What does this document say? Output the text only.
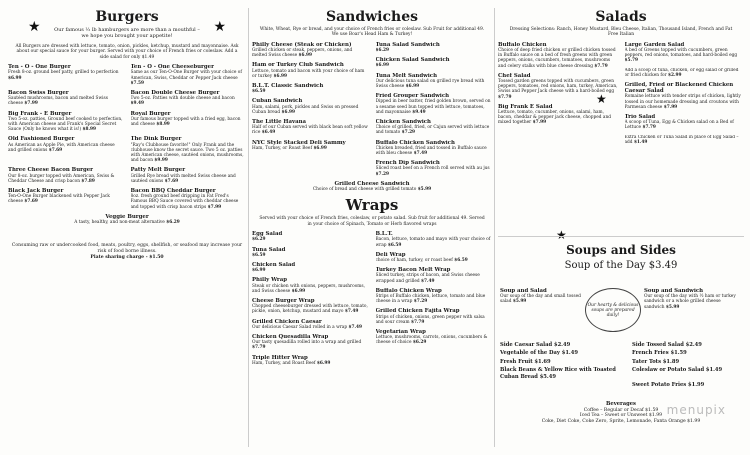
★	★
Burgers
Our famous ⅓ lb hamburgers are more than a mouthful – we hope you brought your appetite!
All Burgers are dressed with lettuce, tomato, onion, pickles, ketchup, mustard and mayonnaise. Ask about our special sauce for your burger. Served with your choice of French fries or coleslaw. Add a side salad for only $1.49
Ten - O - One Burger
Fresh 8-oz. ground beef patty, grilled to perfection $6.99
Ten - O - One Cheeseburger
Same as our Ten-O-One Burger with your choice of American, Swiss, Cheddar or Pepper Jack cheese $7.59
Bacon Swiss Burger
Sautéed mushrooms, bacon and melted Swiss cheese $7.99
Bacon Double Cheese Burger
Two 5-oz. Patties with double cheese and bacon $9.49
Big Frank - E Burger
Two 5-oz. patties, Ground beef cooked to perfection, with American cheese and Frank's Special Secret Sauce (Only he knows what it is!) $8.99
Royal Burger
Our famous burger topped with a fried egg, bacon and cheese $8.99
Old Fashioned Burger
As American as Apple Pie, with American cheese and grilled onions $7.69
The Dink Burger
"Ray's Clubhouse favorite!" Only Frank and the clubhouse know the secret sauce. Two 5 oz. patties with American cheese, sautéed onions, mushrooms, and bacon $9.99
Three Cheese Bacon Burger
Our 8-oz. burger topped with American, Swiss & Cheddar Cheese and crisp bacon $7.89
Patty Melt Burger
Grilled Rye bread with melted Swiss cheese and sautéed onions $7.69
Black Jack Burger
Ten-O-One Burger blackened with Pepper Jack cheese $7.69
Bacon BBQ Cheddar Burger
8oz. fresh ground beef dripping in Fat Fred's Famous BBQ Sauce covered with cheddar cheese and topped with crisp bacon strips $7.99
Veggie Burger
A tasty, healthy, and non-meat alternative $6.29
Consuming raw or undercooked food, meats, poultry, eggs, shellfish, or seafood may increase your risk of food borne illness.
Plate sharing charge - $1.50
Sandwiches
White, Wheat, Rye or bread, and your choice of French fries or coleslaw. Sub Fruit for additional 49. We use Boar's Head Ham & Turkey!
Philly Cheese (Steak or Chicken)
Grilled chicken or steak, peppers, onions, and melted Swiss cheese $6.99
Ham or Turkey Club Sandwich
Lettuce, tomato and bacon with your choice of ham or turkey $6.99
B.L.T. Classic Sandwich
$6.59
Cuban Sandwich
Ham, salami, pork, pickles and Swiss on pressed Cuban bread $6.99
The Little Havana
Half of our Cuban served with black bean soft yellow rice $6.49
NYC Style Stacked Deli Sammy
Ham, Turkey, or Roast Beef $6.99
Tuna Salad Sandwich
$6.29
Chicken Salad Sandwich
$6.99
Tuna Melt Sandwich
Our delicious tuna salad on grilled rye bread with Swiss cheese $6.99
Fried Grouper Sandwich
Dipped in beer batter, fried golden brown, served on a sesame seed bun topped with lettuce, tomatoes, and mayonnaise $9.49
Chicken Sandwich
Choice of grilled, fried, or Cajun served with lettuce and tomato $7.29
Buffalo Chicken Sandwich
Chicken breaded, fried and tossed in Buffalo sauce with bleu cheese $7.49
French Dip Sandwich
Sliced roast beef on a French roll served with au jus $7.29
Grilled Cheese Sandwich
Choice of bread and cheese with grilled tomato $5.99
Wraps
Served with your choice of French fries, coleslaw, or potato salad. Sub fruit for additional 49. Served in your choice of Spinach, Tomato or Herb flavored wraps
Egg Salad
$6.29
Tuna Salad
$6.59
Chicken Salad
$6.99
Philly Wrap
Steak or chicken with onions, peppers, mushrooms, and Swiss cheese $6.99
Cheese Burger Wrap
Chopped cheeseburger dressed with lettuce, tomato, pickle, onion, ketchup, mustard and mayo $7.49
Grilled Chicken Caesar
Our delicious Caesar Salad rolled in a wrap $7.49
Chicken Quesadilla Wrap
Our tasty quesadilla rolled into a wrap and grilled $7.79
Triple Hitter Wrap
Ham, Turkey, and Roast Beef $6.99
B.L.T.
Bacon, lettuce, tomato and mayo with your choice of wrap $6.59
Deli Wrap
choice of ham, turkey, or roast beef $6.59
Turkey Bacon Melt Wrap
Sliced turkey, strips of bacon, and Swiss cheese wrapped and grilled $7.49
Buffalo Chicken Wrap
Strips of Buffalo chicken, lettuce, tomato and blue cheese in a wrap $7.29
Grilled Chicken Fajita Wrap
Strips of chicken, onions, green pepper with salsa and sour cream $7.79
Vegetarian Wrap
Lettuce, mushrooms, carrots, onions, cucumbers & cheese of choice $6.29
Salads
Dressing Selections: Ranch, Honey Mustard, Bleu Cheese, Italian, Thousand Island, French and Fat Free Italian
Buffalo Chicken
Choice of deep fried chicken or grilled chicken tossed in Buffalo sauce on a bed of fresh greens with green peppers, onions, cucumbers, tomatoes, mushrooms and celery stalks with blue cheese dressing $7.79
Chef Salad
Tossed garden greens topped with cucumbers, green peppers, tomatoes, red onions, ham, turkey, American, Swiss and Pepper Jack cheese with a hard-boiled egg $7.79
Big Frank E Salad
Lettuce, tomato, cucumber, onions, salami, ham, bacon, cheddar & pepper jack cheese, chopped and mixed together $7.99
Large Garden Salad
A bed of Greens topped with cucumbers, green peppers, red onions, tomatoes, and hard-boiled egg $5.79
Add a scoop of tuna, chicken, or egg salad or grilled or fried chicken for $2.99
Grilled, Fried or Blackened Chicken Caesar Salad
Romaine lettuce with tender strips of chicken, lightly tossed in our homemade dressing and croutons with Parmesan cheese $7.99
Trio Salad
A scoop of Tuna, Egg & Chicken salad on a Bed of Lettuce $7.79
Extra Chicken or Tuna Salad in place of Egg Salad – add $1.49
★
★
Soups and Sides
Soup of the Day $3.49
Soup and Salad
Our soup of the day and small tossed salad $5.99
Our hearty & delicious soups are prepared daily!
Soup and Sandwich
Our soup of the day with ½ ham or turkey sandwich or a whole grilled cheese sandwich $5.99
Side Caesar Salad $2.49	Side Tossed Salad $2.49
Vegetable of the Day $1.49	French Fries $1.59
Fresh Fruit $1.69	Tater Tots $1.89
Black Beans & Yellow Rice with Toasted Cuban Bread $5.49
Coleslaw or Potato Salad $1.49
Sweet Potato Fries $1.99
Beverages
Coffee – Regular or Decaf $1.59
Iced Tea – Sweet or Unsweet $1.99
Coke, Diet Coke, Coke Zero, Sprite, Lemonade, Fanta Orange $1.99
menupix
